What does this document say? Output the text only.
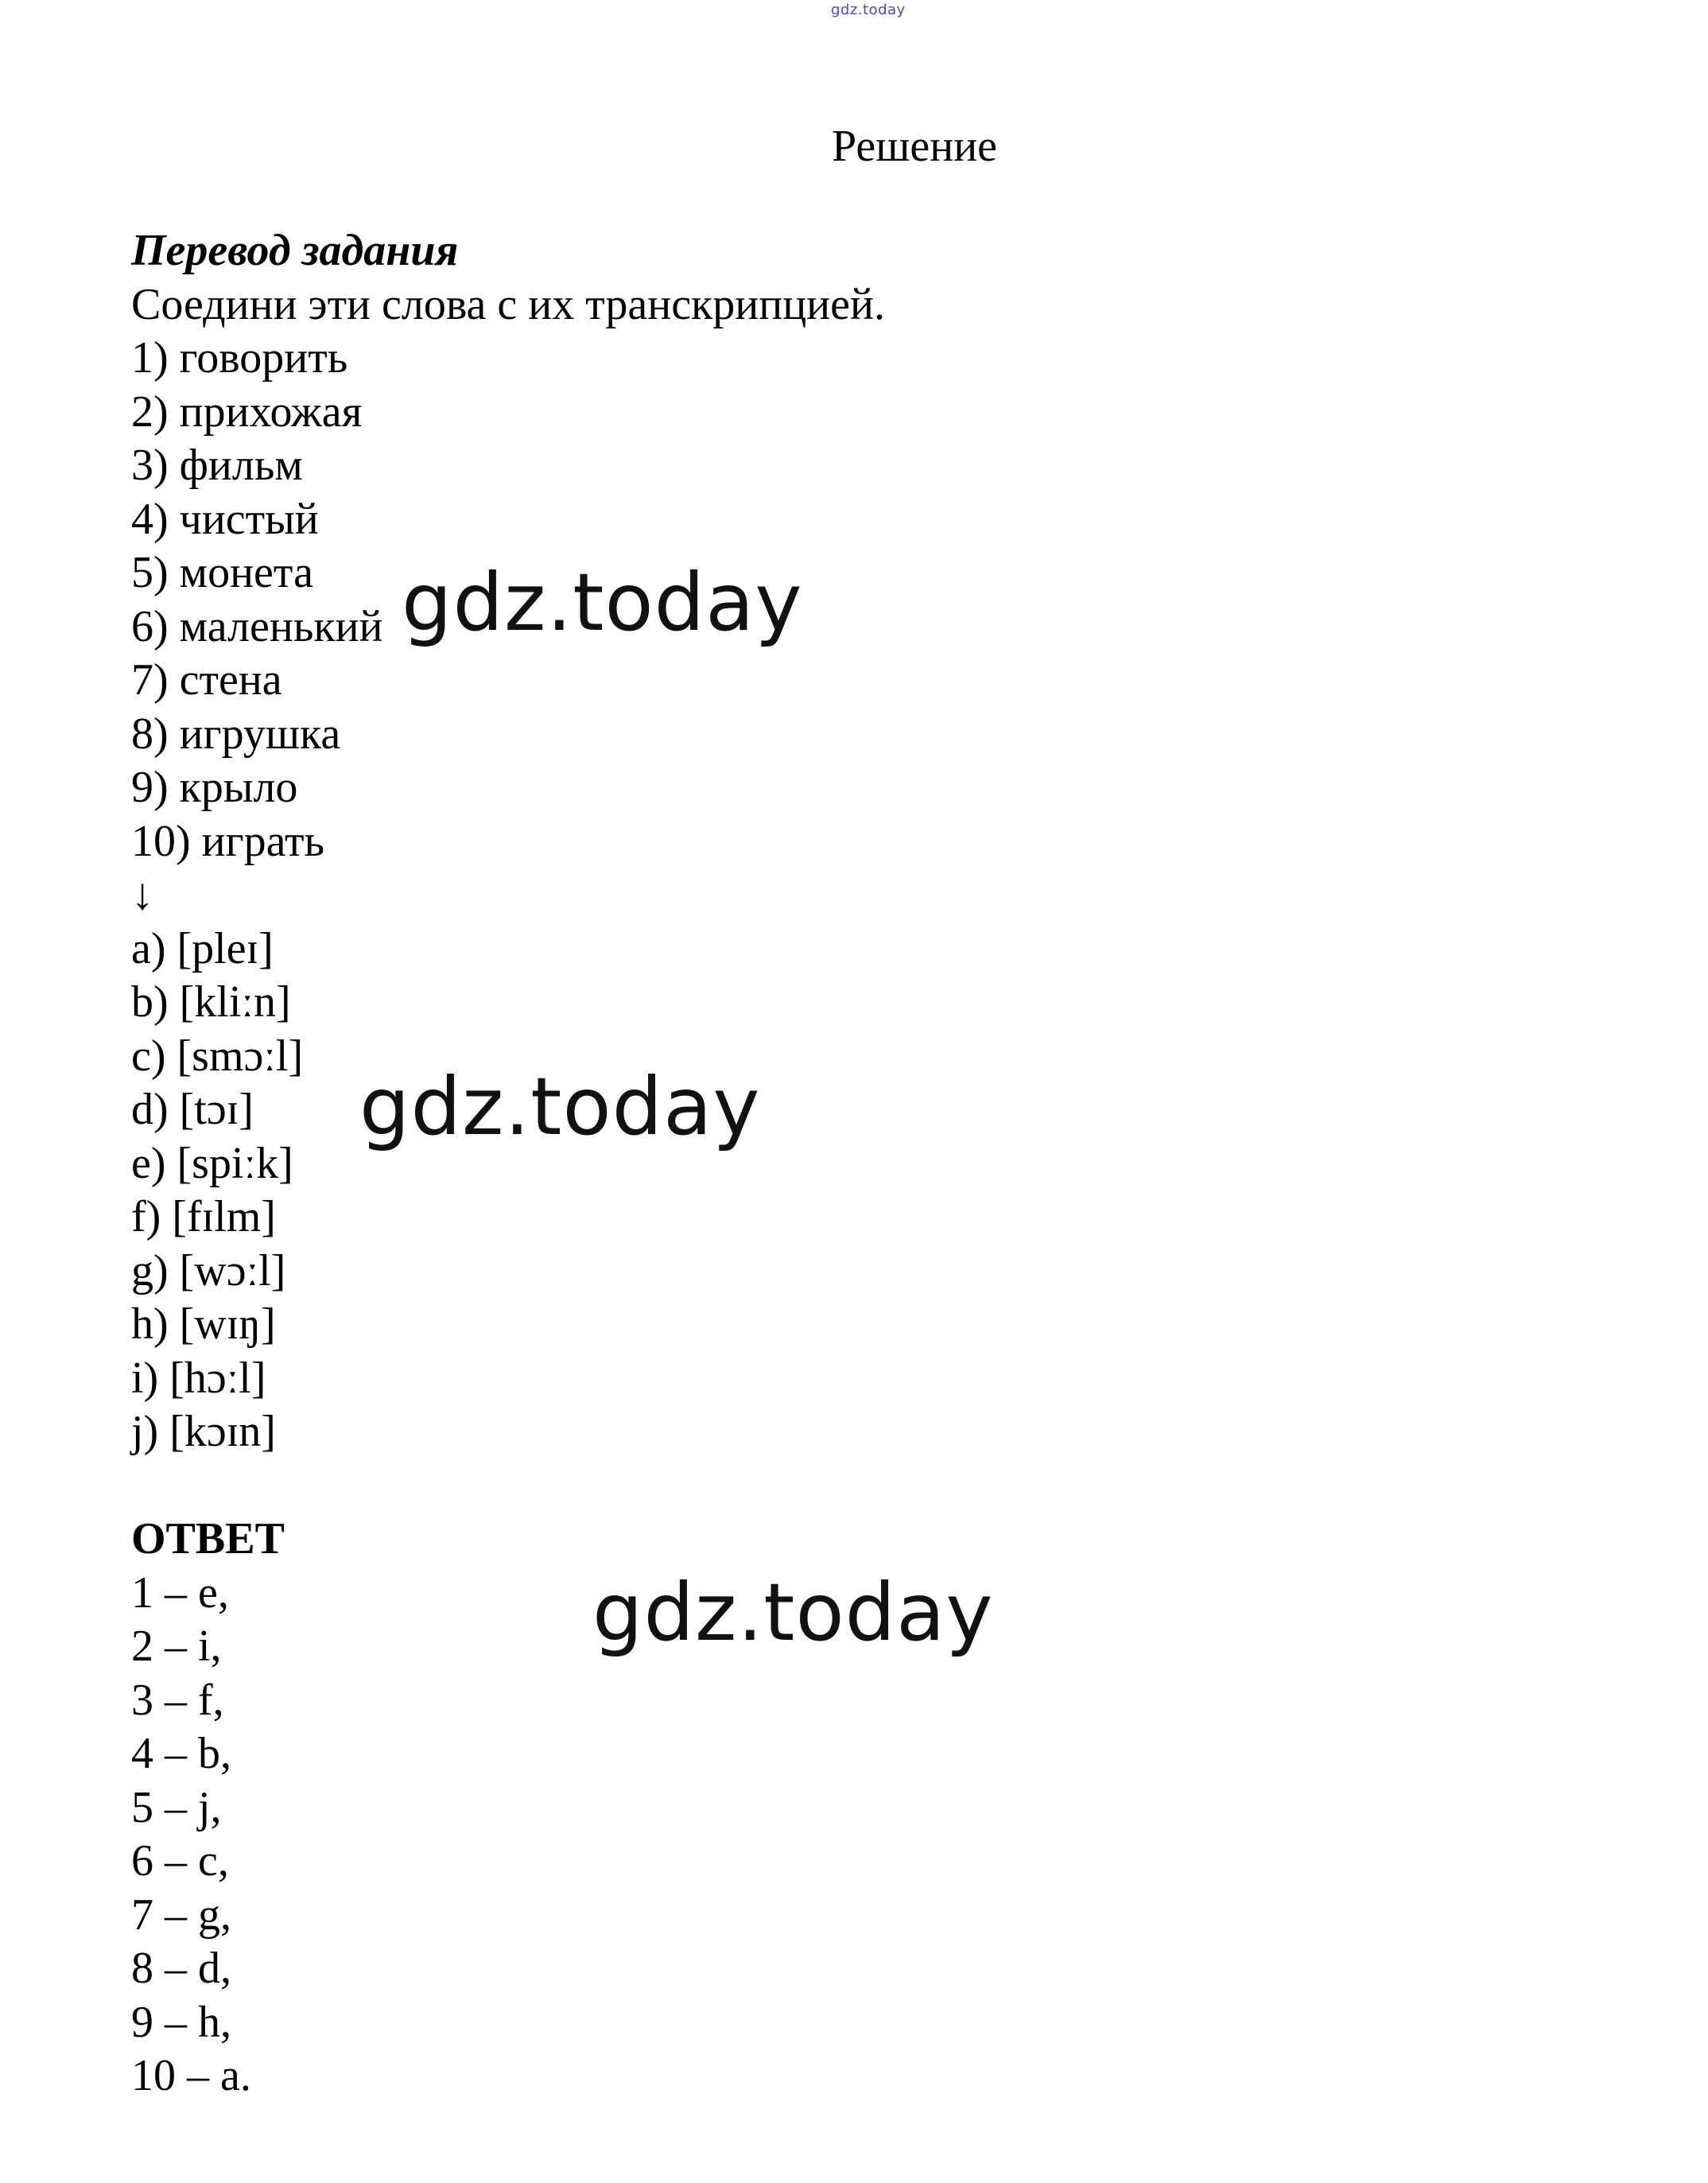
gdz.today
Решение
Перевод задания
Соедини эти слова с их транскрипцией.
1) говорить
2) прихожая
3) фильм
4) чистый
5) монета
6) маленький
7) стена
8) игрушка
9) крыло
10) играть
↓
a) [pleɪ]
b) [kliːn]
c) [smɔːl]
d) [tɔɪ]
e) [spiːk]
f) [fɪlm]
g) [wɔːl]
h) [wɪŋ]
i) [hɔːl]
j) [kɔɪn]
ОТВЕТ
1 – e,
2 – i,
3 – f,
4 – b,
5 – j,
6 – c,
7 – g,
8 – d,
9 – h,
10 – a.
gdz.today
gdz.today
gdz.today
